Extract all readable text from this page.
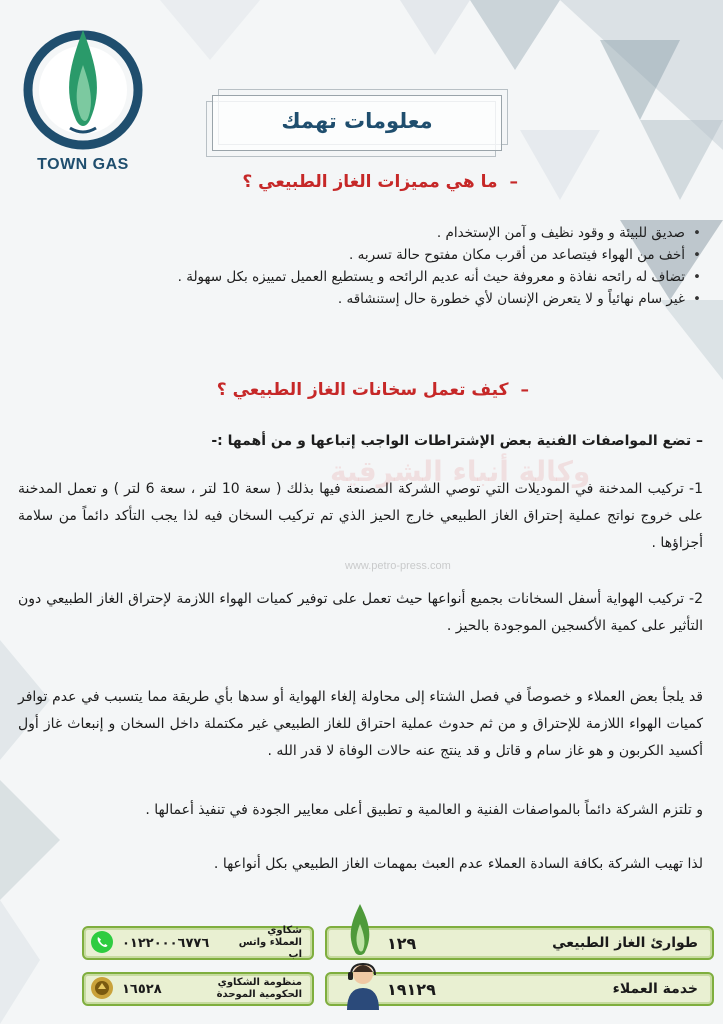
TOWN GAS
معلومات تهمك
–ما هي مميزات الغاز الطبيعي ؟
• صديق للبيئة و وقود نظيف و آمن الإستخدام .
• أخف من الهواء فيتصاعد من أقرب مكان مفتوح حالة تسربه .
• تضاف له رائحه نفاذة و معروفة حيث أنه عديم الرائحه و يستطيع العميل تمييزه بكل سهولة .
• غير سام نهائياً و لا يتعرض الإنسان لأي خطورة حال إستنشاقه .
–كيف تعمل سخانات الغاز الطبيعي ؟
– تضع المواصفات الفنية بعض الإشتراطات الواجب إتباعها و من أهمها :-
1- تركيب المدخنة في الموديلات التي توصي الشركة المصنعة فيها بذلك ( سعة 10 لتر ، سعة 6 لتر ) و تعمل المدخنة على خروج نواتج عملية إحتراق الغاز الطبيعي خارج الحيز الذي تم تركيب السخان فيه لذا يجب التأكد دائماً من سلامة أجزاؤها .
2- تركيب الهواية أسفل السخانات بجميع أنواعها حيث تعمل على توفير كميات الهواء اللازمة لإحتراق الغاز الطبيعي دون التأثير على كمية الأكسجين الموجودة بالحيز .
قد يلجأ بعض العملاء و خصوصاً في فصل الشتاء إلى محاولة إلغاء الهواية أو سدها بأي طريقة مما يتسبب في عدم توافر كميات الهواء اللازمة للإحتراق و من ثم حدوث عملية احتراق للغاز الطبيعي غير مكتملة داخل السخان و إنبعاث غاز أول أكسيد الكربون و هو غاز سام و قاتل و قد ينتج عنه حالات الوفاة لا قدر الله .
و تلتزم الشركة دائماً بالمواصفات الفنية و العالمية و تطبيق أعلى معايير الجودة في تنفيذ أعمالها .
لذا تهيب الشركة بكافة السادة العملاء عدم العبث بمهمات الغاز الطبيعي بكل أنواعها .
وكالة أنباء الشرقية
www.petro-press.com
طوارئ الغاز الطبيعي
١٢٩
خدمة العملاء
١٩١٢٩
شكاوي العملاء واتس اب
٠١٢٢٠٠٠٦٧٧٦
منظومة الشكاوي الحكومية الموحدة
١٦٥٢٨
